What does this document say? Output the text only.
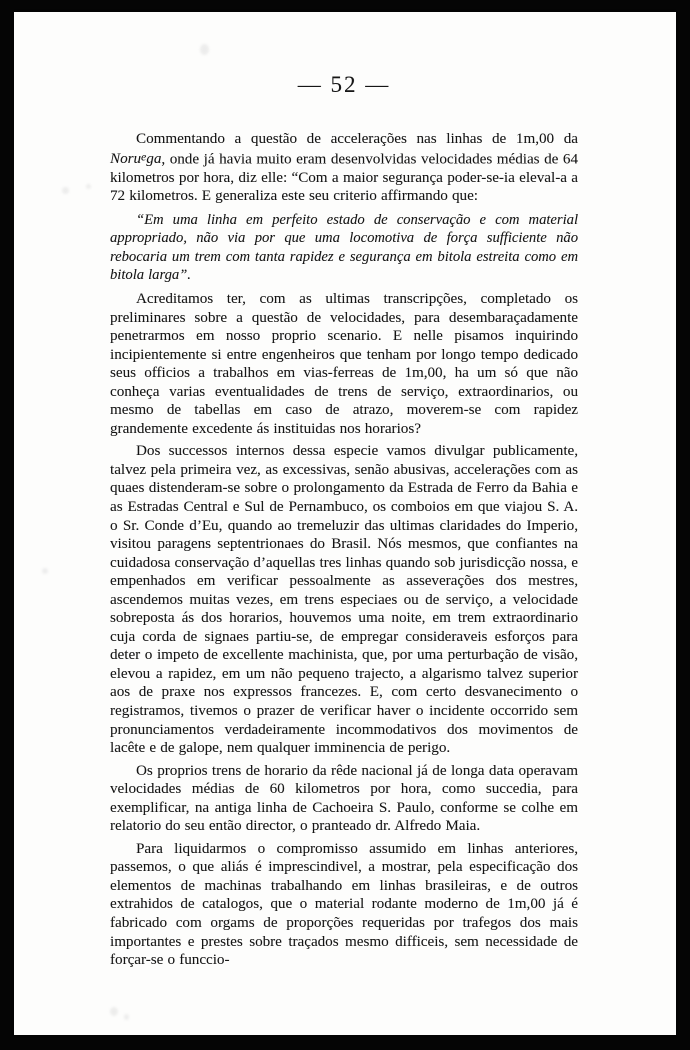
— 52 —

Commentando a questão de accelerações nas linhas de 1m,00 da Noruega, onde já havia muito eram desenvolvidas velocidades médias de 64 kilometros por hora, diz elle: “Com a maior segurança poder-se-ia eleval-a a 72 kilometros. E generaliza este seu criterio affirmando que:

“Em uma linha em perfeito estado de conservação e com material appropriado, não via por que uma locomotiva de força sufficiente não rebocaria um trem com tanta rapidez e segurança em bitola estreita como em bitola larga”.

Acreditamos ter, com as ultimas transcripções, completado os preliminares sobre a questão de velocidades, para desembaraçadamente penetrarmos em nosso proprio scenario. E nelle pisamos inquirindo incipientemente si entre engenheiros que tenham por longo tempo dedicado seus officios a trabalhos em vias-ferreas de 1m,00, ha um só que não conheça varias eventualidades de trens de serviço, extraordinarios, ou mesmo de tabellas em caso de atrazo, moverem-se com rapidez grandemente excedente ás instituidas nos horarios?

Dos successos internos dessa especie vamos divulgar publicamente, talvez pela primeira vez, as excessivas, senão abusivas, accelerações com as quaes distenderam-se sobre o prolongamento da Estrada de Ferro da Bahia e as Estradas Central e Sul de Pernambuco, os comboios em que viajou S. A. o Sr. Conde d’Eu, quando ao tremeluzir das ultimas claridades do Imperio, visitou paragens septentrionaes do Brasil. Nós mesmos, que confiantes na cuidadosa conservação d’aquellas tres linhas quando sob jurisdicção nossa, e empenhados em verificar pessoalmente as asseverações dos mestres, ascendemos muitas vezes, em trens especiaes ou de serviço, a velocidade sobreposta ás dos horarios, houvemos uma noite, em trem extraordinario cuja corda de signaes partiu-se, de empregar consideraveis esforços para deter o impeto de excellente machinista, que, por uma perturbação de visão, elevou a rapidez, em um não pequeno trajecto, a algarismo talvez superior aos de praxe nos expressos francezes. E, com certo desvanecimento o registramos, tivemos o prazer de verificar haver o incidente occorrido sem pronunciamentos verdadeiramente incommodativos dos movimentos de lacête e de galope, nem qualquer imminencia de perigo.

Os proprios trens de horario da rêde nacional já de longa data operavam velocidades médias de 60 kilometros por hora, como succedia, para exemplificar, na antiga linha de Cachoeira S. Paulo, conforme se colhe em relatorio do seu então director, o pranteado dr. Alfredo Maia.

Para liquidarmos o compromisso assumido em linhas anteriores, passemos, o que aliás é imprescindivel, a mostrar, pela especificação dos elementos de machinas trabalhando em linhas brasileiras, e de outros extrahidos de catalogos, que o material rodante moderno de 1m,00 já é fabricado com orgams de proporções requeridas por trafegos dos mais importantes e prestes sobre traçados mesmo difficeis, sem necessidade de forçar-se o funccio-
